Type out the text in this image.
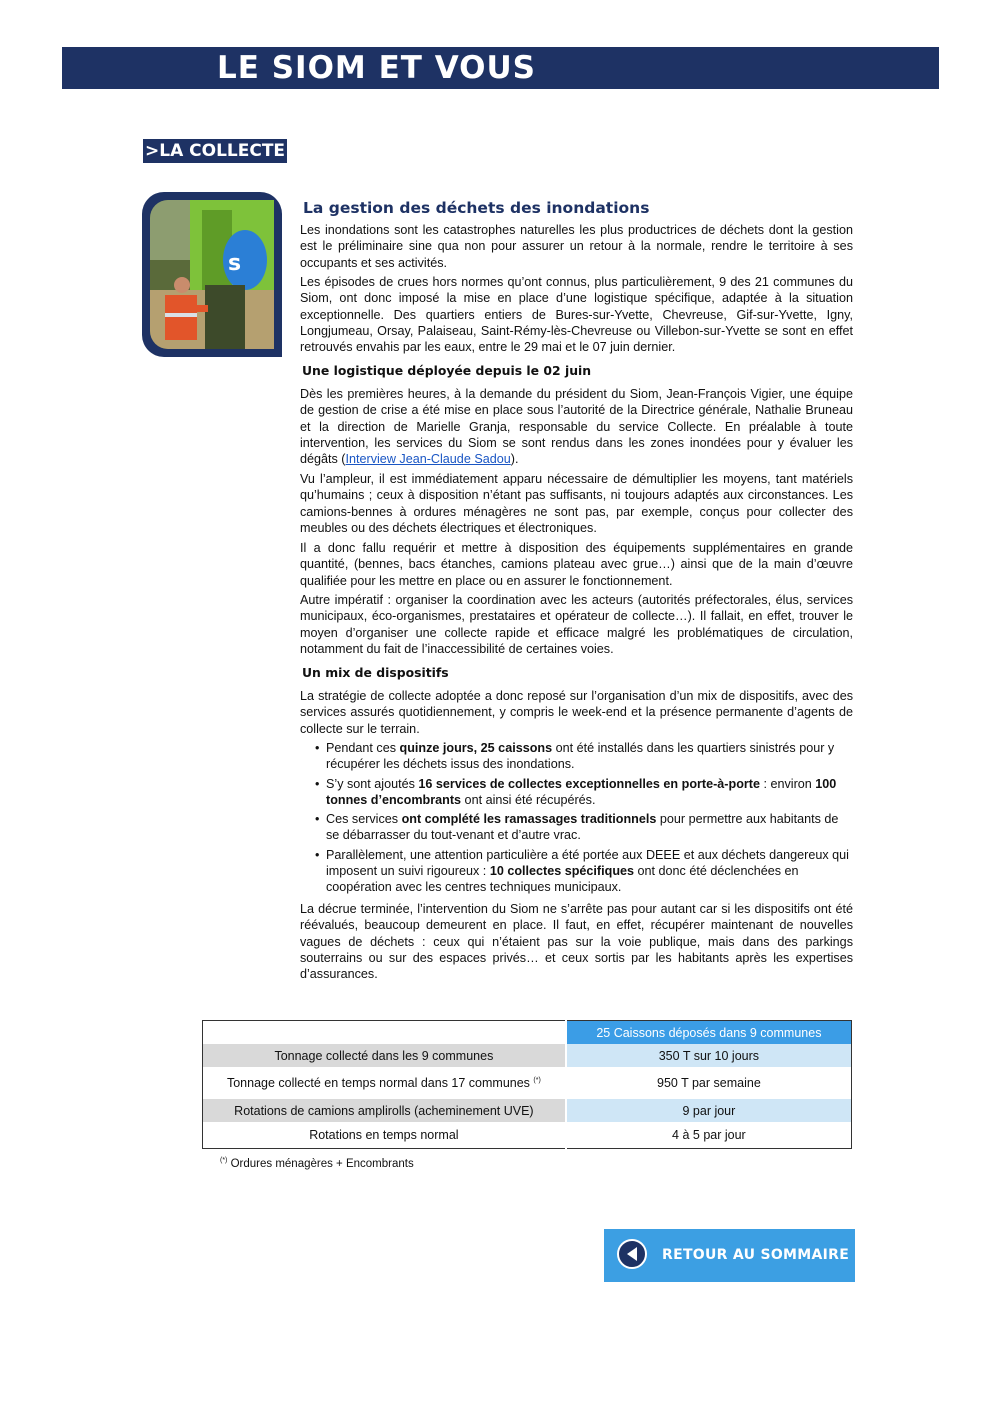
LE SIOM ET VOUS
>LA COLLECTE
s
La gestion des déchets des inondations

Les inondations sont les catastrophes naturelles les plus productrices de déchets dont la gestion est le préliminaire sine qua non pour assurer un retour à la normale, rendre le territoire à ses occupants et ses activités.

Les épisodes de crues hors normes qu’ont connus, plus particulièrement, 9 des 21 communes du Siom, ont donc imposé la mise en place d’une logistique spécifique, adaptée à la situation exceptionnelle. Des quartiers entiers de Bures-sur-Yvette, Chevreuse, Gif-sur-Yvette, Igny, Longjumeau, Orsay, Palaiseau, Saint-Rémy-lès-Chevreuse ou Villebon-sur-Yvette se sont en effet retrouvés envahis par les eaux, entre le 29 mai et le 07 juin dernier.

Une logistique déployée depuis le 02 juin

Dès les premières heures, à la demande du président du Siom, Jean-François Vigier, une équipe de gestion de crise a été mise en place sous l’autorité de la Directrice générale, Nathalie Bruneau et la direction de Marielle Granja, responsable du service Collecte. En préalable à toute intervention, les services du Siom se sont rendus dans les zones inondées pour y évaluer les dégâts (Interview Jean-Claude Sadou).

Vu l’ampleur, il est immédiatement apparu nécessaire de démultiplier les moyens, tant matériels qu’humains ; ceux à disposition n’étant pas suffisants, ni toujours adaptés aux circonstances. Les camions-bennes à ordures ménagères ne sont pas, par exemple, conçus pour collecter des meubles ou des déchets électriques et électroniques.

Il a donc fallu requérir et mettre à disposition des équipements supplémentaires en grande quantité, (bennes, bacs étanches, camions plateau avec grue…) ainsi que de la main d’œuvre qualifiée pour les mettre en place ou en assurer le fonctionnement.

Autre impératif : organiser la coordination avec les acteurs (autorités préfectorales, élus, services municipaux, éco-organismes, prestataires et opérateur de collecte…). Il fallait, en effet, trouver le moyen d’organiser une collecte rapide et efficace malgré les problématiques de circulation, notamment du fait de l’inaccessibilité de certaines voies.

Un mix de dispositifs

La stratégie de collecte adoptée a donc reposé sur l’organisation d’un mix de dispositifs, avec des services assurés quotidiennement, y compris le week-end et la présence permanente d’agents de collecte sur le terrain.

• Pendant ces quinze jours, 25 caissons ont été installés dans les quartiers sinistrés pour y récupérer les déchets issus des inondations.
• S’y sont ajoutés 16 services de collectes exceptionnelles en porte-à-porte : environ 100 tonnes d’encombrants ont ainsi été récupérés.
• Ces services ont complété les ramassages traditionnels pour permettre aux habitants de se débarrasser du tout-venant et d’autre vrac.
• Parallèlement, une attention particulière a été portée aux DEEE et aux déchets dangereux qui imposent un suivi rigoureux : 10 collectes spécifiques ont donc été déclenchées en coopération avec les centres techniques municipaux.

La décrue terminée, l’intervention du Siom ne s’arrête pas pour autant car si les dispositifs ont été réévalués, beaucoup demeurent en place. Il faut, en effet, récupérer maintenant de nouvelles vagues de déchets : ceux qui n’étaient pas sur la voie publique, mais dans des parkings souterrains ou sur des espaces privés… et ceux sortis par les habitants après les expertises d’assurances.

	25 Caissons déposés dans 9 communes
Tonnage collecté dans les 9 communes	350 T sur 10 jours
Tonnage collecté en temps normal dans 17 communes (*)	950 T par semaine
Rotations de camions amplirolls (acheminement UVE)	9 par jour
Rotations en temps normal	4 à 5 par jour
(*) Ordures ménagères + Encombrants
RETOUR AU SOMMAIRE
